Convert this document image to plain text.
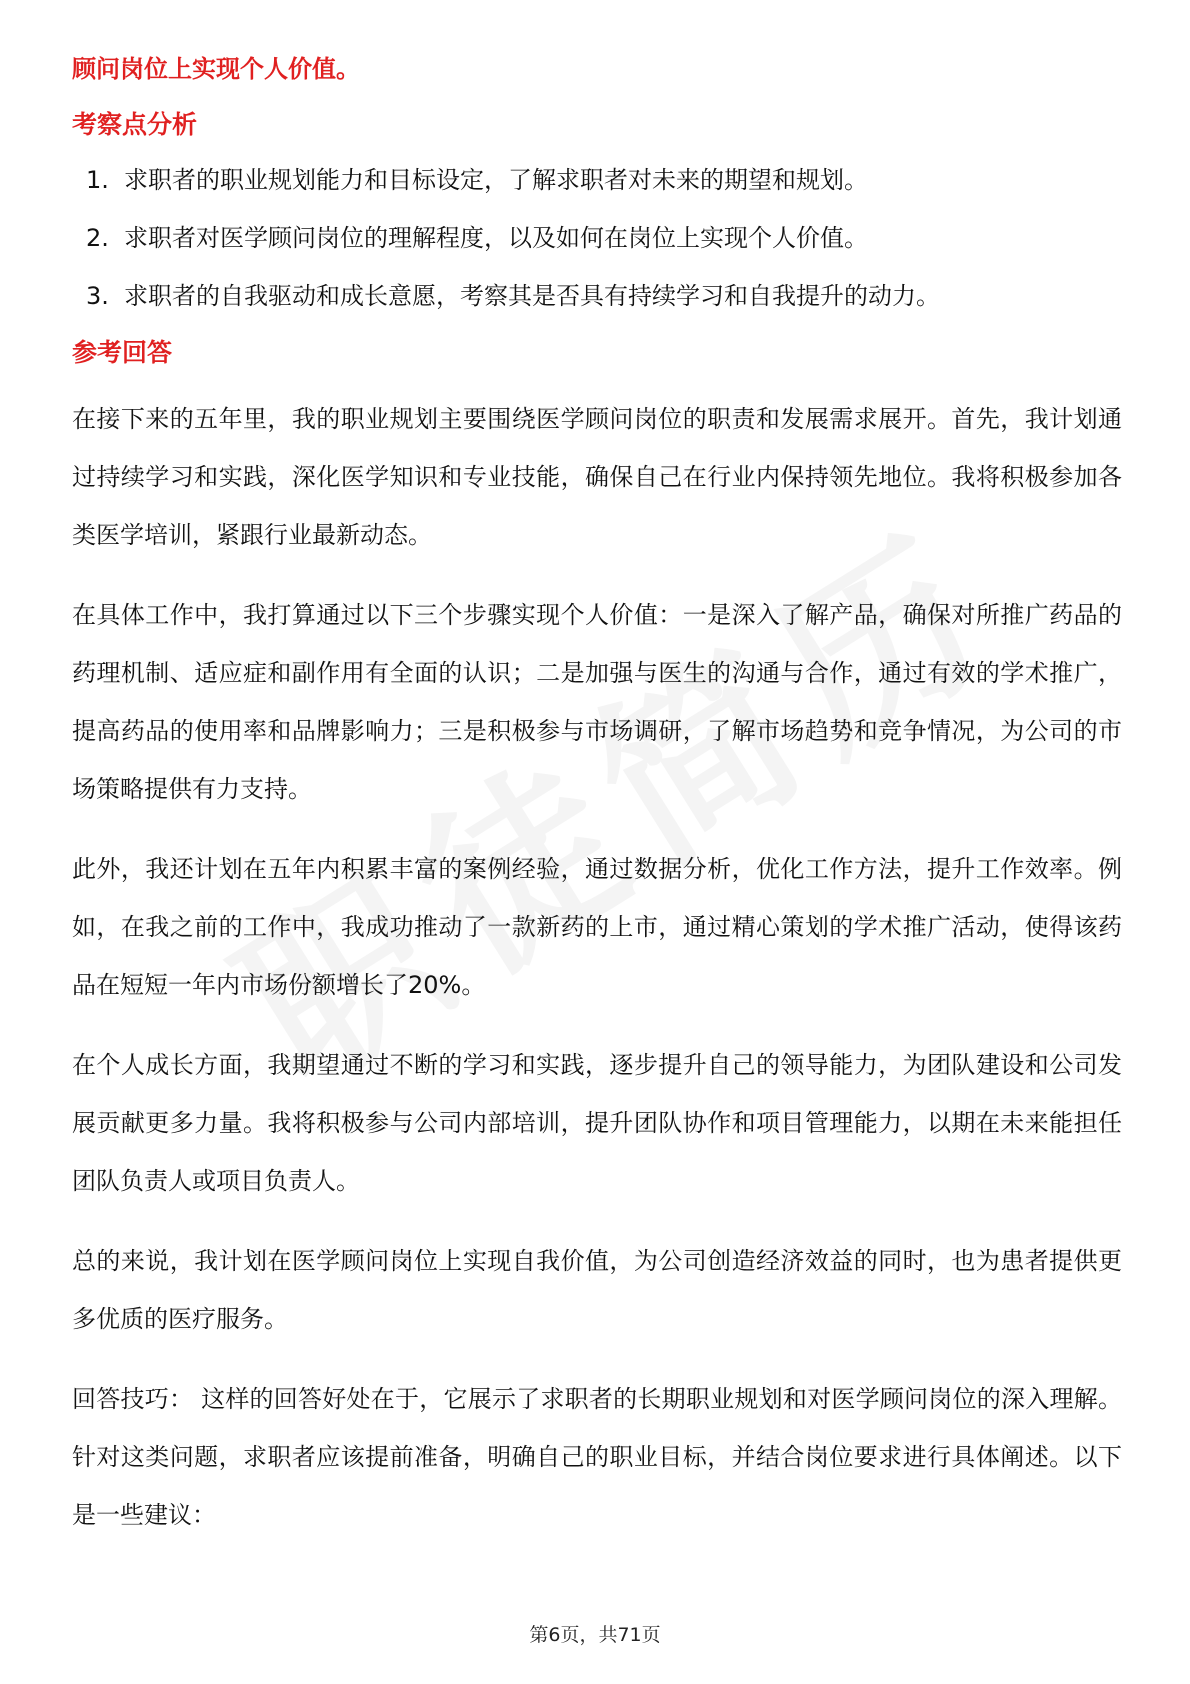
顾问岗位上实现个人价值。
考察点分析
1. 求职者的职业规划能力和目标设定，了解求职者对未来的期望和规划。
2. 求职者对医学顾问岗位的理解程度，以及如何在岗位上实现个人价值。
3. 求职者的自我驱动和成长意愿，考察其是否具有持续学习和自我提升的动力。
参考回答

在接下来的五年里，我的职业规划主要围绕医学顾问岗位的职责和发展需求展开。首先，我计划通过持续学习和实践，深化医学知识和专业技能，确保自己在行业内保持领先地位。我将积极参加各类医学培训，紧跟行业最新动态。

在具体工作中，我打算通过以下三个步骤实现个人价值：一是深入了解产品，确保对所推广药品的药理机制、适应症和副作用有全面的认识；二是加强与医生的沟通与合作，通过有效的学术推广，提高药品的使用率和品牌影响力；三是积极参与市场调研，了解市场趋势和竞争情况，为公司的市场策略提供有力支持。

此外，我还计划在五年内积累丰富的案例经验，通过数据分析，优化工作方法，提升工作效率。例如，在我之前的工作中，我成功推动了一款新药的上市，通过精心策划的学术推广活动，使得该药品在短短一年内市场份额增长了20%。

在个人成长方面，我期望通过不断的学习和实践，逐步提升自己的领导能力，为团队建设和公司发展贡献更多力量。我将积极参与公司内部培训，提升团队协作和项目管理能力，以期在未来能担任团队负责人或项目负责人。

总的来说，我计划在医学顾问岗位上实现自我价值，为公司创造经济效益的同时，也为患者提供更多优质的医疗服务。

回答技巧： 这样的回答好处在于，它展示了求职者的长期职业规划和对医学顾问岗位的深入理解。针对这类问题，求职者应该提前准备，明确自己的职业目标，并结合岗位要求进行具体阐述。以下是一些建议：

第6页，共71页
